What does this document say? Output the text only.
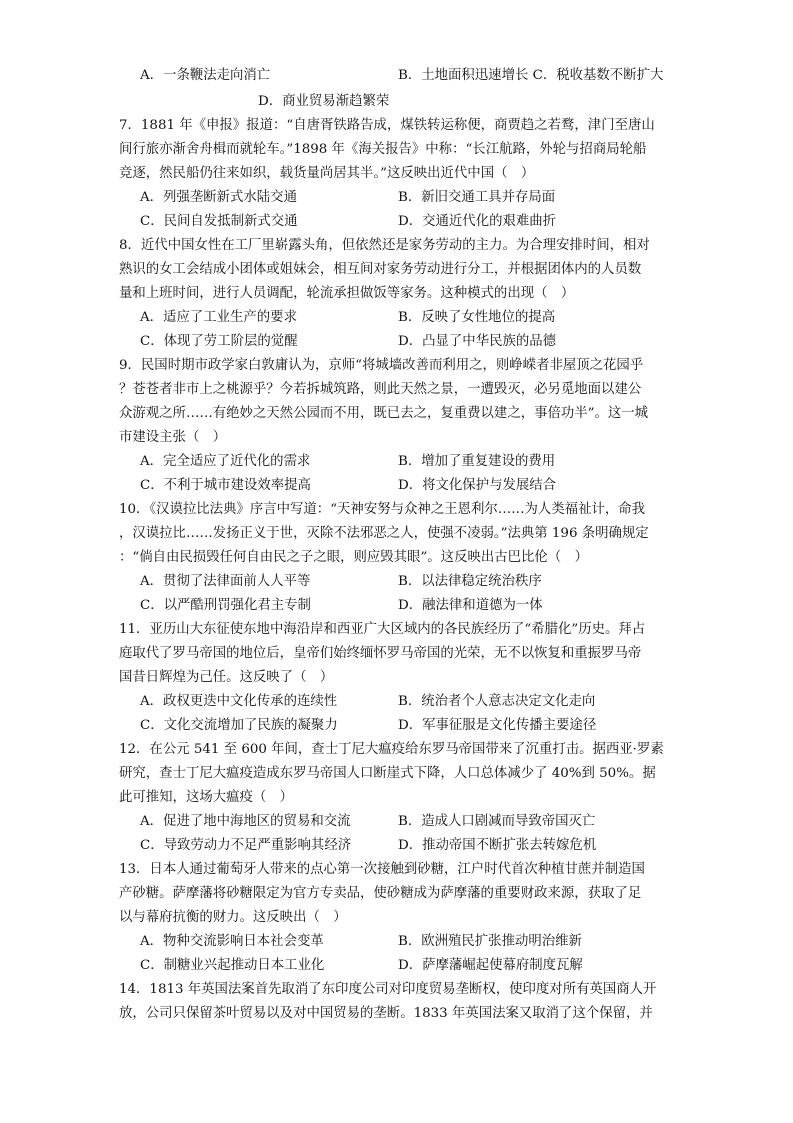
A．一条鞭法走向消亡	B．土地面积迅速增长 C．税收基数不断扩大
D．商业贸易渐趋繁荣
7．1881 年《申报》报道：“自唐胥铁路告成，煤铁转运称便，商贾趋之若鹜，津门至唐山
间行旅亦渐舍舟楫而就轮车。”1898 年《海关报告》中称：“长江航路，外轮与招商局轮船
竞逐，然民船仍往来如织，载货量尚居其半。”这反映出近代中国（　）
A．列强垄断新式水陆交通	B．新旧交通工具并存局面
C．民间自发抵制新式交通	D．交通近代化的艰难曲折
8．近代中国女性在工厂里崭露头角，但依然还是家务劳动的主力。为合理安排时间，相对
熟识的女工会结成小团体或姐妹会，相互间对家务劳动进行分工，并根据团体内的人员数
量和上班时间，进行人员调配，轮流承担做饭等家务。这种模式的出现（　）
A．适应了工业生产的要求	B．反映了女性地位的提高
C．体现了劳工阶层的觉醒	D．凸显了中华民族的品德
9．民国时期市政学家白敦庸认为，京师“将城墙改善而利用之，则峥嵘者非屋顶之花园乎
？苍苍者非市上之桃源乎？今若拆城筑路，则此天然之景，一遭毁灭，必另觅地面以建公
众游观之所……有绝妙之天然公园而不用，既已去之，复重费以建之，事倍功半”。这一城
市建设主张（　）
A．完全适应了近代化的需求	B．增加了重复建设的费用
C．不利于城市建设效率提高	D．将文化保护与发展结合
10．《汉谟拉比法典》序言中写道：“天神安努与众神之王恩利尔……为人类福祉计，命我
，汉谟拉比……发扬正义于世，灭除不法邪恶之人，使强不凌弱。”法典第 196 条明确规定
：“倘自由民损毁任何自由民之子之眼，则应毁其眼”。这反映出古巴比伦（　）
A．贯彻了法律面前人人平等	B．以法律稳定统治秩序
C．以严酷刑罚强化君主专制	D．融法律和道德为一体
11．亚历山大东征使东地中海沿岸和西亚广大区域内的各民族经历了“希腊化”历史。拜占
庭取代了罗马帝国的地位后，皇帝们始终缅怀罗马帝国的光荣，无不以恢复和重振罗马帝
国昔日辉煌为己任。这反映了（　）
A．政权更迭中文化传承的连续性	B．统治者个人意志决定文化走向
C．文化交流增加了民族的凝聚力	D．军事征服是文化传播主要途径
12．在公元 541 至 600 年间，查士丁尼大瘟疫给东罗马帝国带来了沉重打击。据西亚·罗素
研究，查士丁尼大瘟疫造成东罗马帝国人口断崖式下降，人口总体减少了 40%到 50%。据
此可推知，这场大瘟疫（　）
A．促进了地中海地区的贸易和交流	B．造成人口剧减而导致帝国灭亡
C．导致劳动力不足严重影响其经济	D．推动帝国不断扩张去转嫁危机
13．日本人通过葡萄牙人带来的点心第一次接触到砂糖，江户时代首次种植甘蔗并制造国
产砂糖。萨摩藩将砂糖限定为官方专卖品，使砂糖成为萨摩藩的重要财政来源，获取了足
以与幕府抗衡的财力。这反映出（　）
A．物种交流影响日本社会变革	B．欧洲殖民扩张推动明治维新
C．制糖业兴起推动日本工业化	D．萨摩藩崛起使幕府制度瓦解
14．1813 年英国法案首先取消了东印度公司对印度贸易垄断权，使印度对所有英国商人开
放，公司只保留茶叶贸易以及对中国贸易的垄断。1833 年英国法案又取消了这个保留，并
